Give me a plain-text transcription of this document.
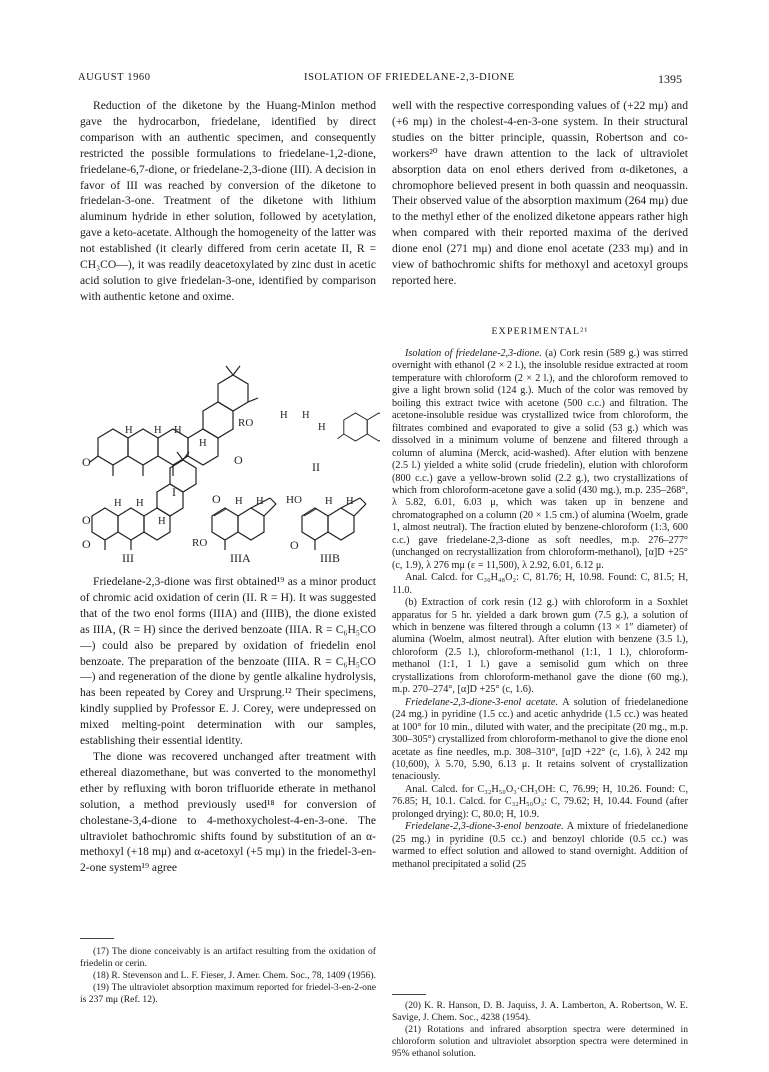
AUGUST 1960	ISOLATION OF FRIEDELANE-2,3-DIONE	1395

Reduction of the diketone by the Huang-Minlon method gave the hydrocarbon, friedelane, identified by direct comparison with an authentic specimen, and consequently restricted the possible formulations to friedelane-1,2-dione, friedelane-6,7-dione, or friedelane-2,3-dione (III). A decision in favor of III was reached by conversion of the diketone to friedelan-3-one. Treatment of the diketone with lithium aluminum hydride in ether solution, followed by acetylation, gave a keto-acetate. Although the homogeneity of the latter was not established (it clearly differed from cerin acetate II, R = CH₃CO—), it was readily deacetoxylated by zinc dust in acetic acid solution to give friedelan-3-one, identified by comparison with authentic ketone and oxime.

O
H H H
H
I
RO
H H
H
O	II
O
O
H H
H
III
O
RO
H H
IIIA
HO
O
H H
IIIB

Friedelane-2,3-dione was first obtained¹⁹ as a minor product of chromic acid oxidation of cerin (II. R = H). It was suggested that of the two enol forms (IIIA) and (IIIB), the dione existed as IIIA, (R = H) since the derived benzoate (IIIA. R = C₆H₅CO—) could also be prepared by oxidation of friedelin enol benzoate. The preparation of the benzoate (IIIA. R = C₆H₅CO—) and regeneration of the dione by gentle alkaline hydrolysis, has been repeated by Corey and Ursprung.¹² Their specimens, kindly supplied by Professor E. J. Corey, were undepressed on mixed melting-point determination with our samples, establishing their essential identity.

The dione was recovered unchanged after treatment with ethereal diazomethane, but was converted to the monomethyl ether by refluxing with boron trifluoride etherate in methanol solution, a method previously used¹⁸ for conversion of cholestane-3,4-dione to 4-methoxycholest-4-en-3-one. The ultraviolet bathochromic shifts found by substitution of an α-methoxyl (+18 mμ) and α-acetoxyl (+5 mμ) in the friedel-3-en-2-one system¹⁹ agree

(17) The dione conceivably is an artifact resulting from the oxidation of friedelin or cerin.

(18) R. Stevenson and L. F. Fieser, J. Amer. Chem. Soc., 78, 1409 (1956).

(19) The ultraviolet absorption maximum reported for friedel-3-en-2-one is 237 mμ (Ref. 12).

well with the respective corresponding values of (+22 mμ) and (+6 mμ) in the cholest-4-en-3-one system. In their structural studies on the bitter principle, quassin, Robertson and co-workers²⁰ have drawn attention to the lack of ultraviolet absorption data on enol ethers derived from α-diketones, a chromophore believed present in both quassin and neoquassin. Their observed value of the absorption maximum (264 mμ) due to the methyl ether of the enolized diketone appears rather high when compared with their reported maxima of the derived dione enol (271 mμ) and dione enol acetate (233 mμ) and in view of bathochromic shifts for methoxyl and acetoxyl groups reported here.

EXPERIMENTAL²¹

Isolation of friedelane-2,3-dione. (a) Cork resin (589 g.) was stirred overnight with ethanol (2 × 2 l.), the insoluble residue extracted at room temperature with chloroform (2 × 2 l.), and the chloroform removed to give a light brown solid (124 g.). Much of the color was removed by boiling this extract twice with acetone (500 c.c.) and filtration. The acetone-insoluble residue was crystallized twice from chloroform, the filtrates combined and evaporated to give a solid (53 g.) which was dissolved in a minimum volume of benzene and filtered through a column of alumina (Merck, acid-washed). After elution with benzene (2.5 l.) yielded a white solid (crude friedelin), elution with chloroform (800 c.c.) gave a yellow-brown solid (2.2 g.), two crystallizations of which from chloroform-acetone gave a solid (430 mg.), m.p. 235–268°, λ 5.82, 6.01, 6.03 μ, which was taken up in benzene and chromatographed on a column (20 × 1.5 cm.) of alumina (Woelm, grade 1, almost neutral). The fraction eluted by benzene-chloroform (1:3, 600 c.c.) gave friedelane-2,3-dione as soft needles, m.p. 276–277° (unchanged on recrystallization from chloroform-methanol), [α]D +25° (c, 1.9), λ 276 mμ (ε = 11,500), λ 2.92, 6.01, 6.12 μ.

Anal. Calcd. for C₃₀H₄₈O₂: C, 81.76; H, 10.98. Found: C, 81.5; H, 11.0.

(b) Extraction of cork resin (12 g.) with chloroform in a Soxhlet apparatus for 5 hr. yielded a dark brown gum (7.5 g.), a solution of which in benzene was filtered through a column (13 × 1″ diameter) of alumina (Woelm, almost neutral). After elution with benzene (3.5 l.), chloroform (2.5 l.), chloroform-methanol (1:1, 1 l.), chloroform-methanol (1:1, 1 l.) gave a semisolid gum which on three crystallizations from chloroform-methanol gave the dione (60 mg.), m.p. 270–274°, [α]D +25° (c, 1.6).

Friedelane-2,3-dione-3-enol acetate. A solution of friedelanedione (24 mg.) in pyridine (1.5 cc.) and acetic anhydride (1.5 cc.) was heated at 100° for 10 min., diluted with water, and the precipitate (20 mg., m.p. 300–305°) crystallized from chloroform-methanol to give the dione enol acetate as fine needles, m.p. 308–310°, [α]D +22° (c, 1.6), λ 242 mμ (10,600), λ 5.70, 5.90, 6.13 μ. It retains solvent of crystallization tenaciously.

Anal. Calcd. for C₃₂H₅₀O₃·CH₃OH: C, 76.99; H, 10.26. Found: C, 76.85; H, 10.1. Calcd. for C₃₂H₅₀O₃: C, 79.62; H, 10.44. Found (after prolonged drying): C, 80.0; H, 10.9.

Friedelane-2,3-dione-3-enol benzoate. A mixture of friedelanedione (25 mg.) in pyridine (0.5 cc.) and benzoyl chloride (0.5 cc.) was warmed to effect solution and allowed to stand overnight. Addition of methanol precipitated a solid (25

(20) K. R. Hanson, D. B. Jaquiss, J. A. Lamberton, A. Robertson, W. E. Savige, J. Chem. Soc., 4238 (1954).

(21) Rotations and infrared absorption spectra were determined in chloroform solution and ultraviolet absorption spectra were determined in 95% ethanol solution.
